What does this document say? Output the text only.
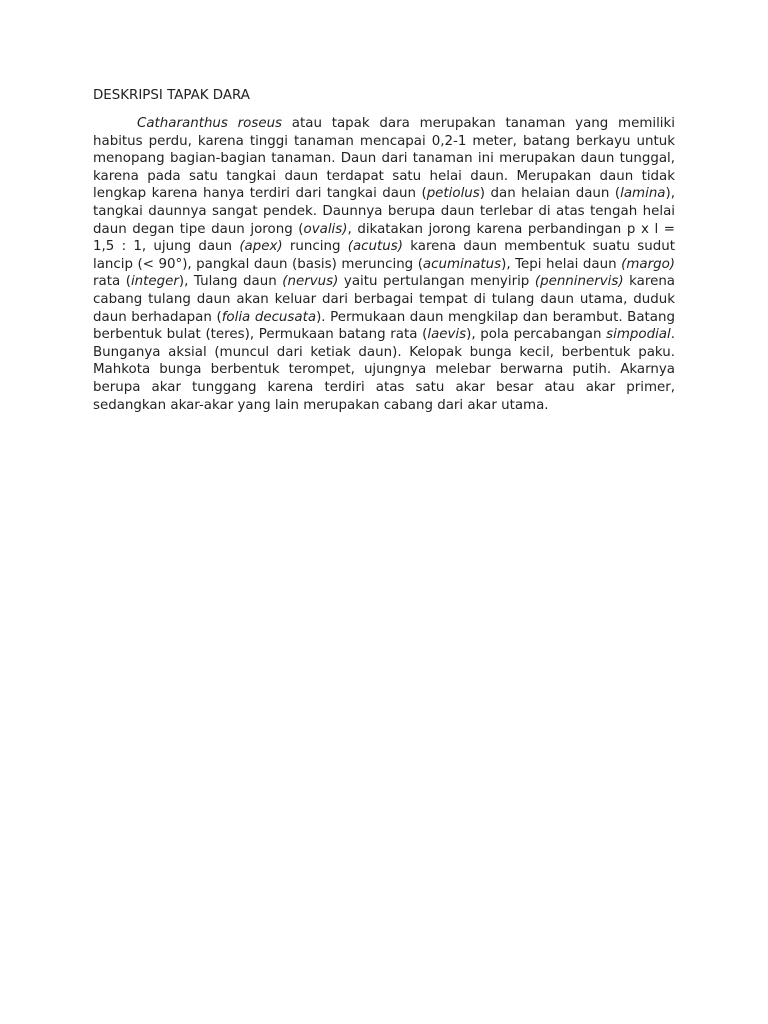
DESKRIPSI TAPAK DARA

Catharanthus roseus atau tapak dara merupakan tanaman yang memiliki habitus perdu, karena tinggi tanaman mencapai 0,2-1 meter, batang berkayu untuk menopang bagian-bagian tanaman. Daun dari tanaman ini merupakan daun tunggal, karena pada satu tangkai daun terdapat satu helai daun. Merupakan daun tidak lengkap karena hanya terdiri dari tangkai daun (petiolus) dan helaian daun (lamina), tangkai daunnya sangat pendek. Daunnya berupa daun terlebar di atas tengah helai daun degan tipe daun jorong (ovalis), dikatakan jorong karena perbandingan p x l = 1,5 : 1, ujung daun (apex) runcing (acutus) karena daun membentuk suatu sudut lancip (< 90°), pangkal daun (basis) meruncing (acuminatus), Tepi helai daun (margo) rata (integer), Tulang daun (nervus) yaitu pertulangan menyirip (penninervis) karena cabang tulang daun akan keluar dari berbagai tempat di tulang daun utama, duduk daun berhadapan (folia decusata). Permukaan daun mengkilap dan berambut. Batang berbentuk bulat (teres), Permukaan batang rata (laevis), pola percabangan simpodial. Bunganya aksial (muncul dari ketiak daun). Kelopak bunga kecil, berbentuk paku. Mahkota bunga berbentuk terompet, ujungnya melebar berwarna putih. Akarnya berupa akar tunggang karena terdiri atas satu akar besar atau akar primer, sedangkan akar-akar yang lain merupakan cabang dari akar utama.
